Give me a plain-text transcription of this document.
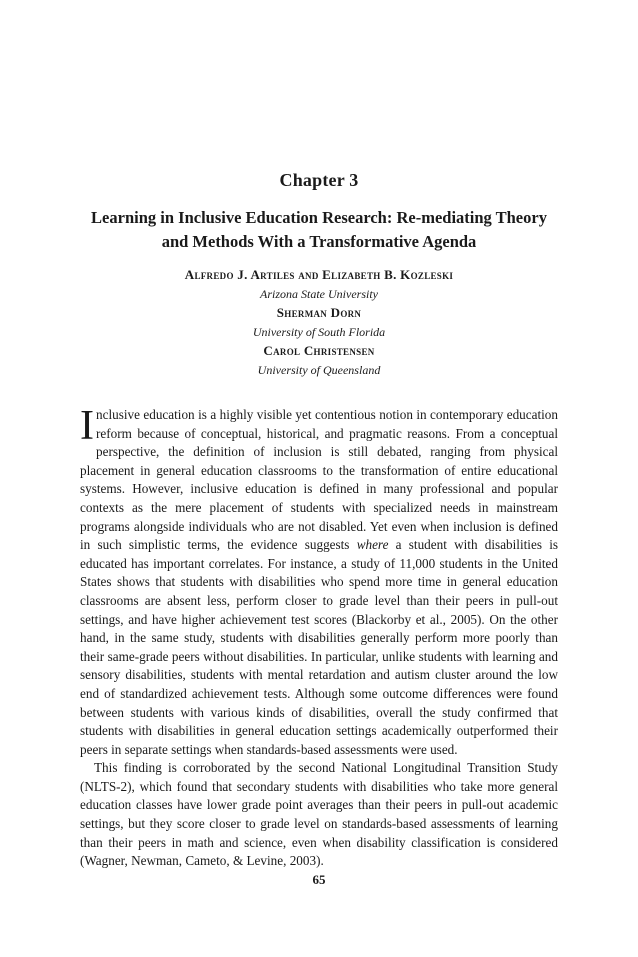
Chapter 3
Learning in Inclusive Education Research: Re-mediating Theory and Methods With a Transformative Agenda
Alfredo J. Artiles and Elizabeth B. Kozleski
Arizona State University
Sherman Dorn
University of South Florida
Carol Christensen
University of Queensland

Inclusive education is a highly visible yet contentious notion in contemporary education reform because of conceptual, historical, and pragmatic reasons. From a conceptual perspective, the definition of inclusion is still debated, ranging from physical placement in general education classrooms to the transformation of entire educational systems. However, inclusive education is defined in many professional and popular contexts as the mere placement of students with specialized needs in mainstream programs alongside individuals who are not disabled. Yet even when inclusion is defined in such simplistic terms, the evidence suggests where a student with disabilities is educated has important correlates. For instance, a study of 11,000 students in the United States shows that students with disabilities who spend more time in general education classrooms are absent less, perform closer to grade level than their peers in pull-out settings, and have higher achievement test scores (Blackorby et al., 2005). On the other hand, in the same study, students with disabilities generally perform more poorly than their same-grade peers without disabilities. In particular, unlike students with learning and sensory disabilities, students with mental retardation and autism cluster around the low end of standardized achievement tests. Although some outcome differences were found between students with various kinds of disabilities, overall the study confirmed that students with disabilities in general education settings academically outperformed their peers in separate settings when standards-based assessments were used.

This finding is corroborated by the second National Longitudinal Transition Study (NLTS-2), which found that secondary students with disabilities who take more general education classes have lower grade point averages than their peers in pull-out academic settings, but they score closer to grade level on standards-based assessments of learning than their peers in math and science, even when disability classification is considered (Wagner, Newman, Cameto, & Levine, 2003).

65
